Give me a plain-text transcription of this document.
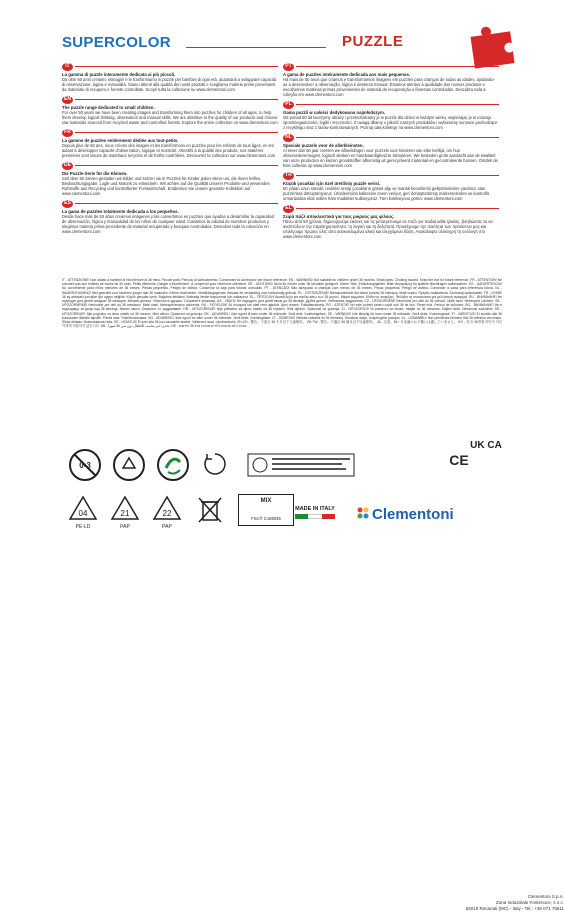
SUPERCOLOR	PUZZLE
IT
La gamma di puzzle interamente dedicata ai più piccoli.
Da oltre 50 anni creiamo immagini e le trasformiamo in puzzle per bambini di ogni età, aiutandoli a sviluppare capacità di osservazione, logica e manualità. Siamo attenti alla qualità dei nostri prodotti e scegliamo materie prime provenienti da materiale di recupero e foreste controllate. Scopri tutta la collezione su www.clementoni.com
EN
The puzzle range dedicated to small children.
For over 50 years we have been creating images and transforming them into puzzles for children of all ages, to help them develop logical thinking, observation and manual skills. We are attentive to the quality of our products and choose raw materials sourced from recycled waste and controlled forests. Explore the entire collection on www.clementoni.com
FR
La gamme de puzzles entièrement dédiée aux tout-petits.
Depuis plus de 50 ans, nous créons des images et les transformons en puzzles pour les enfants de tous âges, en les aidant à développer capacité d'observation, logique et motricité. Attentifs à la qualité des produits, nos matières premières sont issues de matériaux recyclés et de forêts contrôlées. Découvrez la collection sur www.clementoni.com
DE
Die Puzzle-Serie für die Kleinen.
Seit über 50 Jahren gestalten wir Bilder und setzen sie in Puzzles für Kinder jeden Alters um, die ihnen helfen, Beobachtungsgabe, Logik und Motorik zu entwickeln. Wir achten auf die Qualität unserer Produkte und verwenden Rohstoffe aus Recycling und kontrollierter Forstwirtschaft. Entdecken Sie unsere gesamte Kollektion auf www.clementoni.com
ES
La gama de puzzles totalmente dedicada a los pequeños.
Desde hace más de 50 años creamos imágenes y las convertimos en puzzles que ayudan a desarrollar la capacidad de observación, lógica y manualidad de los niños de cualquier edad. Cuidamos la calidad de nuestros productos y elegimos materia prima procedente de material recuperado y bosques controlados. Descubre toda la colección en www.clementoni.com
PT
A gama de puzzles inteiramente dedicada aos mais pequenos.
Há mais de 50 anos que criamos e transformamos imagens em puzzles para crianças de todas as idades, ajudando-as a desenvolver a observação, lógica e destreza manual. Estamos atentos à qualidade dos nossos produtos e escolhemos matérias-primas provenientes de material de recuperação e florestas controladas. Descubra toda a coleção em www.clementoni.com
PL
Gama puzzli w całości dedykowana najmłodszym.
Od ponad 50 lat tworzymy obrazy i przekształcamy je w puzzle dla dzieci w każdym wieku, wspierając je w rozwoju spostrzegawczości, logiki i zręczności. Z uwagą dbamy o jakość naszych produktów i wybieramy surowce pochodzące z recyklingu oraz z lasów kontrolowanych. Poznaj całą kolekcję na www.clementoni.com
NL
Speciale puzzels voor de allerkleinsten.
Al meer dan 50 jaar creëren we afbeeldingen voor puzzels voor kinderen van elke leeftijd, om hun observatievermogen, logisch denken en handvaardigheid te stimuleren. We besteden grote aandacht aan de kwaliteit van onze producten en kiezen grondstoffen afkomstig uit gerecycleerd materiaal en gecontroleerde bossen. Ontdek de hele collectie op www.clementoni.com
TR
Küçük çocuklar için özel üretilmiş puzzle serisi.
50 yıldan uzun süredir, resimler üretip çocukların görsel algı ve mantık becerilerini geliştirmelerine yardımcı olan puzzle'lara dönüştürüyoruz. Ürünlerimizin kalitesine önem veriyor, geri dönüştürülmüş malzemelerden ve kontrollü ormanlardan elde edilen ham maddeler kullanıyoruz. Tüm koleksiyonu görün: www.clementoni.com
EL
Σειρά παζλ αποκλειστικά για τους μικρούς μας φίλους.
Πάνω από 50 χρόνια, δημιουργούμε εικόνες και τις μετατρέπουμε σε παζλ για παιδιά κάθε ηλικίας, βοηθώντας τα να αναπτύξουν την παρατηρητικότητα, τη λογική και τη δεξιότητα. Προσέχουμε την ποιότητα των προϊόντων μας και επιλέγουμε πρώτες ύλες από ανακυκλωμένα υλικά και ελεγχόμενα δάση. Ανακαλύψτε ολόκληρη τη συλλογή στο www.clementoni.com
IT - ATTENZIONE! Non adatto a bambini di età inferiore ai 36 mesi. Piccole parti. Pericolo di soffocamento. Conservare la confezione per future referenze. EN - WARNING! Not suitable for children under 36 months. Small parts. Choking hazard. Keep the box for future reference. FR - ATTENTION! Ne convient pas aux enfants de moins de 36 mois. Petits éléments. Danger d'étouffement. À conserver pour référence ultérieure. DE - ACHTUNG! Nicht für Kinder unter 36 Monaten geeignet. Kleine Teile. Erstickungsgefahr. Bitte Verpackung für spätere Nachfragen aufbewahren. ES - ¡ADVERTENCIA! No conveniente para niños menores de 36 meses. Piezas pequeñas. Peligro de asfixia. Conservar la caja para futuras consultas. PT - ATENÇÃO! Não adequado a crianças com menos de 36 meses. Peças pequenas. Perigo de asfixia. Conservar a caixa para referência futura. NL - WAARSCHUWING! Niet geschikt voor kinderen jonger dan 36 maanden. Kleine onderdelen. Verstikkingsgevaar. Bewaar de verpakking voor toekomstig gebruik. PL - OSTRZEŻENIE! Nieodpowiednie dla dzieci poniżej 36 miesięcy. Małe części. Ryzyko zadławienia. Zachowaj opakowanie. TR - UYARI! 36 ay altındaki çocuklar için uygun değildir. Küçük parçalar içerir. Boğulma tehlikesi. Ambalajı ileride başvurmak için saklayınız. EL - ΠΡΟΣΟΧΗ! Ακατάλληλο για παιδιά κάτω των 36 μηνών. Μικρά κομμάτια. Κίνδυνος ασφυξίας. Φυλάξτε τη συσκευασία για μελλοντική αναφορά. RU - ВНИМАНИЕ! Не подходит для детей младше 36 месяцев. Мелкие детали. Опасность удушья. Сохраните упаковку. UA - УВАГА! Не підходить для дітей віком до 36 місяців. Дрібні деталі. Небезпека задушення. CZ - UPOZORNĚNÍ! Nevhodné pro děti do 36 měsíců. Malé části. Nebezpečí udušení. SK - UPOZORNENIE! Nevhodné pre deti do 36 mesiacov. Malé časti. Nebezpečenstvo udusenia. HU - FIGYELEM! 36 hónapos kor alatt nem ajánlott. Apró részek. Fulladásveszély. RO - ATENȚIE! Nu este potrivit pentru copiii sub 36 de luni. Piese mici. Pericol de sufocare. BG - ВНИМАНИЕ! Не е подходящо за деца под 36 месеца. Малки части. Опасност от задушаване. HR - UPOZORENJE! Nije prikladno za djecu mlađu od 36 mjeseci. Sitni dijelovi. Opasnost od gušenja. SI - OPOZORILO! Ni primerno za otroke, mlajše od 36 mesecev. Majhni delci. Nevarnost zadušitve. SR - UPOZORENJE! Nije pogodno za decu mlađu od 36 meseci. Sitni delovi. Opasnost od gušenja. DK - ADVARSEL! Ikke egnet til børn under 36 måneder. Små dele. Kvælningsfare. SE - VARNING! Inte lämplig för barn under 36 månader. Små delar. Kvävningsrisk. FI - VAROITUS! Ei sovellu alle 36 kuukauden ikäisille lapsille. Pieniä osia. Tukehtumisvaara. NO - ADVARSEL! Ikke egnet for barn under 36 måneder. Små deler. Kvelningsfare. LT - DĖMESIO! Netinka vaikams iki 36 mėnesių. Smulkios dalys. Užspringimo pavojus. LV - UZMANĪBU! Nav piemērots bērniem līdz 36 mēnešu vecumam. Sīkas detaļas. Nosmakšanas risks. EE - HOIATUS! Ei sobi alla 36 kuu vanustele lastele. Väikesed osad. Lämbumisoht. ZH-CN - 警告。不适合 36 个月以下儿童使用。 ZH-TW - 警告。不適合 36 個月以下兒童使用。 JA - 注意。36ヶ月未満のお子様には適していません。 KO - 경고! 36개월 미만의 어린이에게 적합하지 않습니다. AR - تحذير! غير مناسب للأطفال دون سن 36 شهراً. HE - אזהרה! לא מתאים לילדים מתחת לגיל 36 חודשים.
0-3
Clementoni S.p.A.
Zona Industriale Fontenoce, s.n.c.
62019 Recanati (MC) - Italy - Tel.: +39 071 75811
UK CA
04
PE-LD
21
PAP
22
PAP
MIX
FSC® C168036
CE
MADE IN ITALY	Clementoni
